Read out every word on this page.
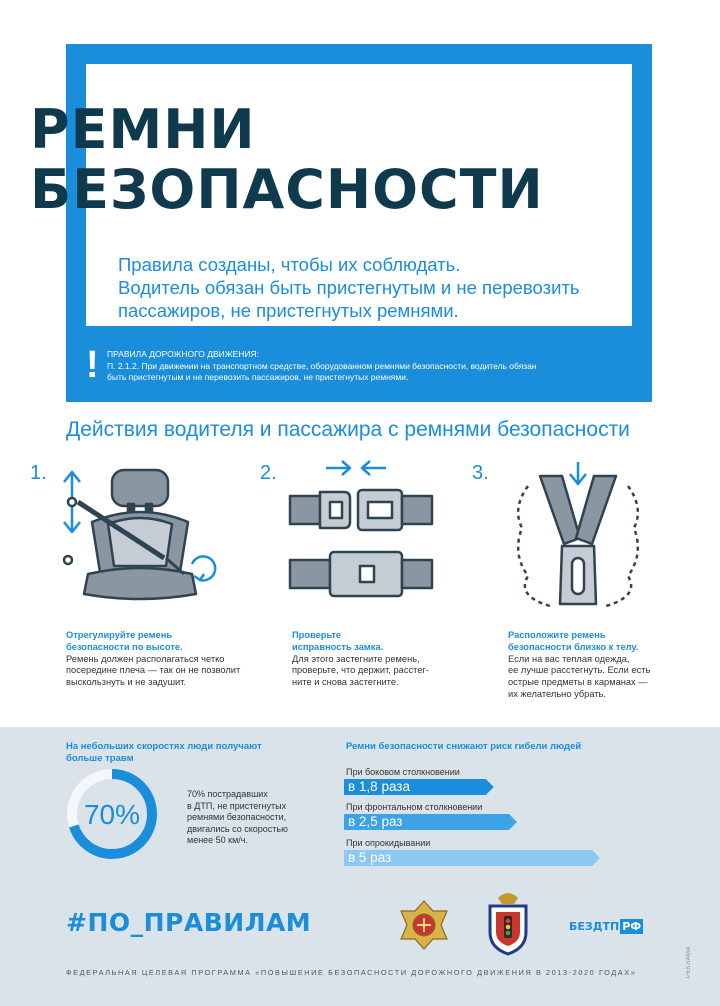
РЕМНИ
БЕЗОПАСНОСТИ
Правила созданы, чтобы их соблюдать.
Водитель обязан быть пристегнутым и не перевозить
пассажиров, не пристегнутых ремнями.
! ПРАВИЛА ДОРОЖНОГО ДВИЖЕНИЯ:
П. 2.1.2. При движении на транспортном средстве, оборудованном ремнями безопасности, водитель обязан
быть пристегнутым и не перевозить пассажиров, не пристегнутых ремнями.
Действия водителя и пассажира с ремнями безопасности
1.
Отрегулируйте ремень
безопасности по высоте.
Ремень должен располагаться четко
посередине плеча — так он не позволит
выскользнуть и не задушит.
2.
Проверьте
исправность замка.
Для этого застегните ремень,
проверьте, что держит, расстег-
ните и снова застегните.
3.
Расположите ремень
безопасности близко к телу.
Если на вас теплая одежда,
ее лучше расстегнуть. Если есть
острые предметы в карманах —
их желательно убрать.
На небольших скоростях люди получают
больше травм
70%
70% пострадавших
в ДТП, не пристегнутых
ремнями безопасности,
двигались со скоростью
менее 50 км/ч.
Ремни безопасности снижают риск гибели людей
При боковом столкновении
в 1,8 раза
При фронтальном столкновении
в 2,5 раз
При опрокидывании
в 5 раз
#ПО_ПРАВИЛАМ	БЕЗДТП РФ
ФЕДЕРАЛЬНАЯ ЦЕЛЕВАЯ ПРОГРАММА «ПОВЫШЕНИЕ БЕЗОПАСНОСТИ ДОРОЖНОГО ДВИЖЕНИЯ В 2013-2020 ГОДАХ»	РЕКЛАМА
